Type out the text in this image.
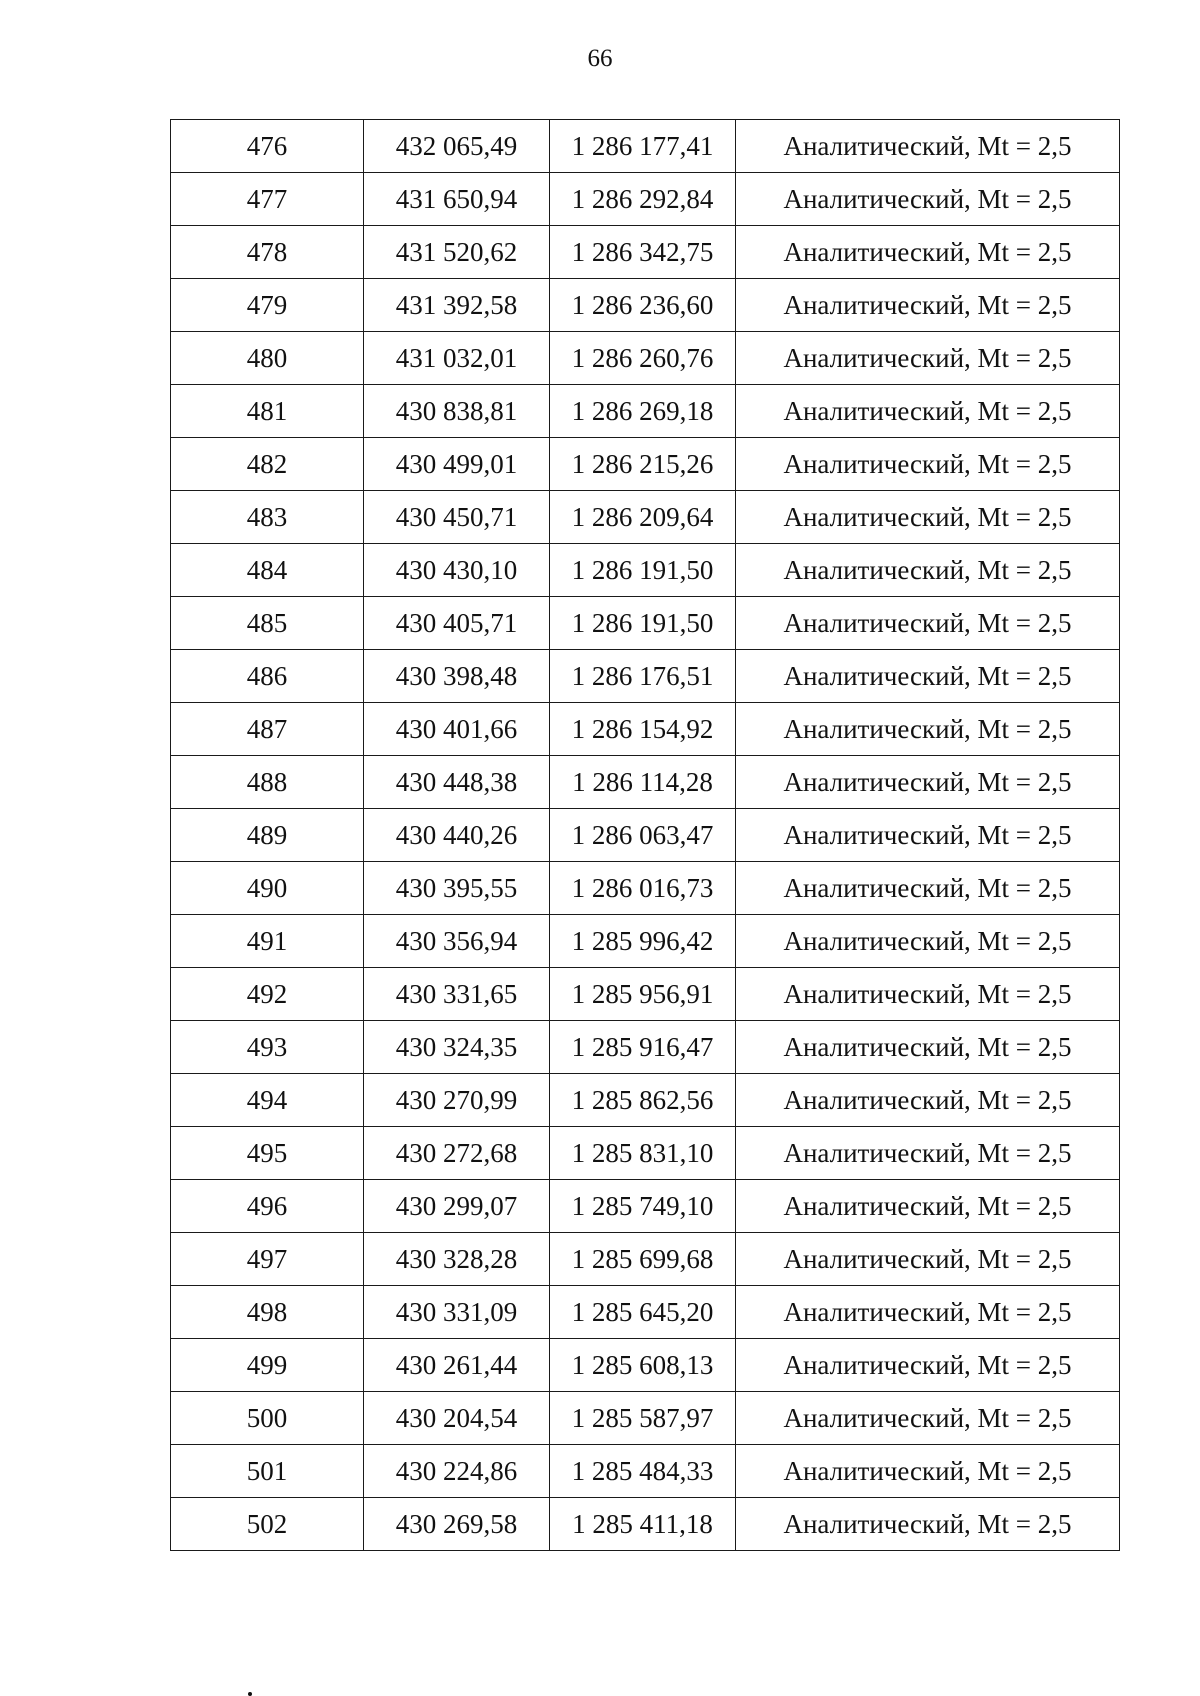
66
476	432 065,49	1 286 177,41	Аналитический, Mt = 2,5
477	431 650,94	1 286 292,84	Аналитический, Mt = 2,5
478	431 520,62	1 286 342,75	Аналитический, Mt = 2,5
479	431 392,58	1 286 236,60	Аналитический, Mt = 2,5
480	431 032,01	1 286 260,76	Аналитический, Mt = 2,5
481	430 838,81	1 286 269,18	Аналитический, Mt = 2,5
482	430 499,01	1 286 215,26	Аналитический, Mt = 2,5
483	430 450,71	1 286 209,64	Аналитический, Mt = 2,5
484	430 430,10	1 286 191,50	Аналитический, Mt = 2,5
485	430 405,71	1 286 191,50	Аналитический, Mt = 2,5
486	430 398,48	1 286 176,51	Аналитический, Mt = 2,5
487	430 401,66	1 286 154,92	Аналитический, Mt = 2,5
488	430 448,38	1 286 114,28	Аналитический, Mt = 2,5
489	430 440,26	1 286 063,47	Аналитический, Mt = 2,5
490	430 395,55	1 286 016,73	Аналитический, Mt = 2,5
491	430 356,94	1 285 996,42	Аналитический, Mt = 2,5
492	430 331,65	1 285 956,91	Аналитический, Mt = 2,5
493	430 324,35	1 285 916,47	Аналитический, Mt = 2,5
494	430 270,99	1 285 862,56	Аналитический, Mt = 2,5
495	430 272,68	1 285 831,10	Аналитический, Mt = 2,5
496	430 299,07	1 285 749,10	Аналитический, Mt = 2,5
497	430 328,28	1 285 699,68	Аналитический, Mt = 2,5
498	430 331,09	1 285 645,20	Аналитический, Mt = 2,5
499	430 261,44	1 285 608,13	Аналитический, Mt = 2,5
500	430 204,54	1 285 587,97	Аналитический, Mt = 2,5
501	430 224,86	1 285 484,33	Аналитический, Mt = 2,5
502	430 269,58	1 285 411,18	Аналитический, Mt = 2,5
